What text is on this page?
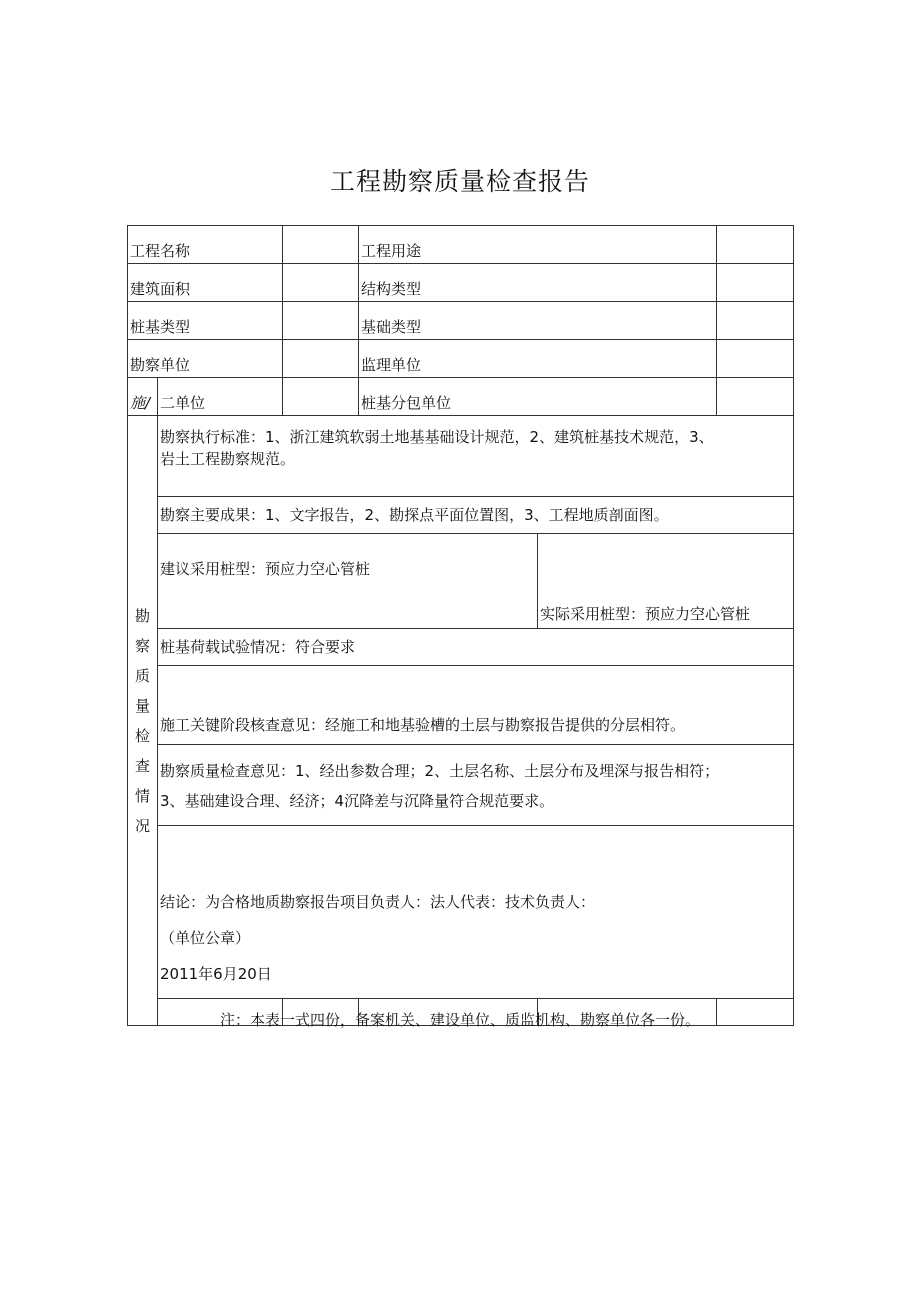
工程勘察质量检查报告
工程名称			工程用途		
建筑面积			结构类型		
桩基类型			基础类型		
勘察单位			监理单位		
施/	二单位		桩基分包单位		
勘察质量检查情况	勘察执行标准：1、浙江建筑软弱土地基基础设计规范，2、建筑桩基技术规范，3、
岩土工程勘察规范。				

	勘察主要成果：1、文字报告，2、勘探点平面位置图，3、工程地质剖面图。				
	建议采用桩型：预应力空心管桩			实际采用桩型：预应力空心管桩	
	桩基荷载试验情况：符合要求				
	施工关键阶段核查意见：经施工和地基验槽的土层与勘察报告提供的分层相符。				

	勘察质量检查意见：1、经出参数合理；2、土层名称、土层分布及埋深与报告相符；
3、基础建设合理、经济；4沉降差与沉降量符合规范要求。				

	结论：为合格地质勘察报告项目负责人：法人代表：技术负责人：
（单位公章）
2011年6月20日				

注：本表一式四份，备案机关、建设单位、质监机构、勘察单位各一份。
